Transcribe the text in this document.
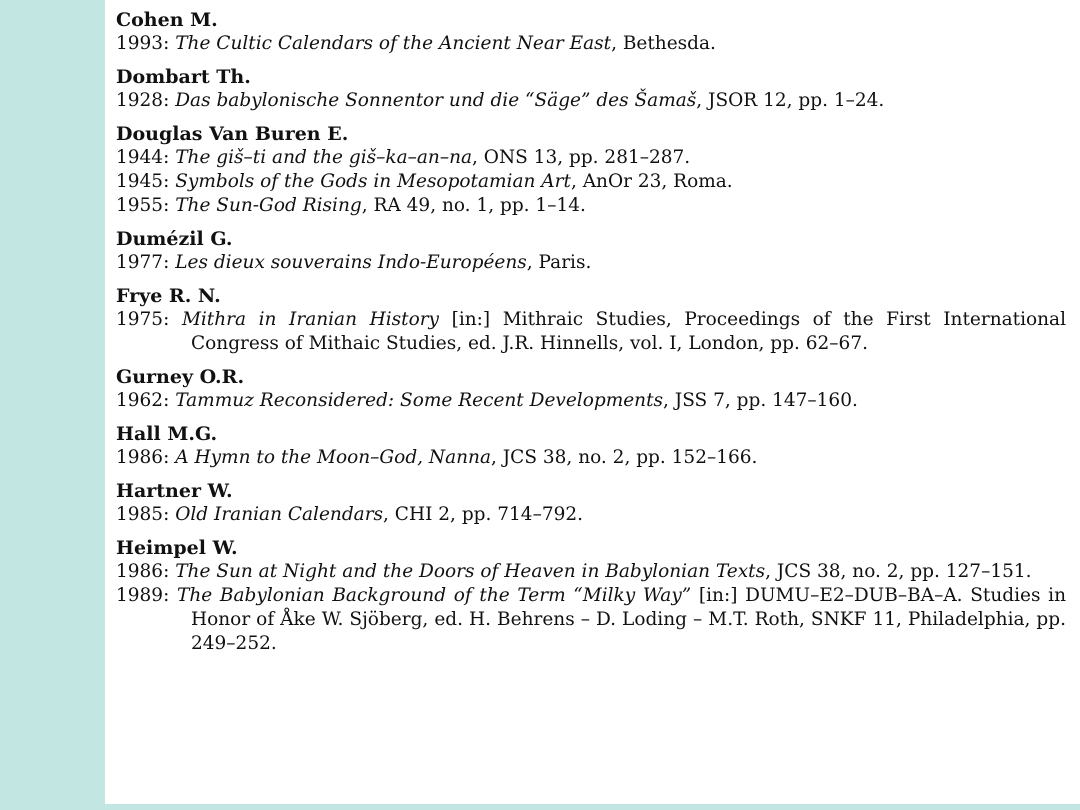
Cohen M.
1993: The Cultic Calendars of the Ancient Near East, Bethesda.
Dombart Th.
1928: Das babylonische Sonnentor und die “Säge” des Šamaš, JSOR 12, pp. 1–24.
Douglas Van Buren E.
1944: The giš–ti and the giš–ka–an–na, ONS 13, pp. 281–287.
1945: Symbols of the Gods in Mesopotamian Art, AnOr 23, Roma.
1955: The Sun-God Rising, RA 49, no. 1, pp. 1–14.
Dumézil G.
1977: Les dieux souverains Indo-Européens, Paris.
Frye R. N.
1975: Mithra in Iranian History [in:] Mithraic Studies, Proceedings of the First International Congress of Mithaic Studies, ed. J.R. Hinnells, vol. I, London, pp. 62–67.
Gurney O.R.
1962: Tammuz Reconsidered: Some Recent Developments, JSS 7, pp. 147–160.
Hall M.G.
1986: A Hymn to the Moon–God, Nanna, JCS 38, no. 2, pp. 152–166.
Hartner W.
1985: Old Iranian Calendars, CHI 2, pp. 714–792.
Heimpel W.
1986: The Sun at Night and the Doors of Heaven in Babylonian Texts, JCS 38, no. 2, pp. 127–151.
1989: The Babylonian Background of the Term “Milky Way” [in:] DUMU–E2–DUB–BA–A. Studies in Honor of Åke W. Sjöberg, ed. H. Behrens – D. Loding – M.T. Roth, SNKF 11, Philadelphia, pp. 249–252.
